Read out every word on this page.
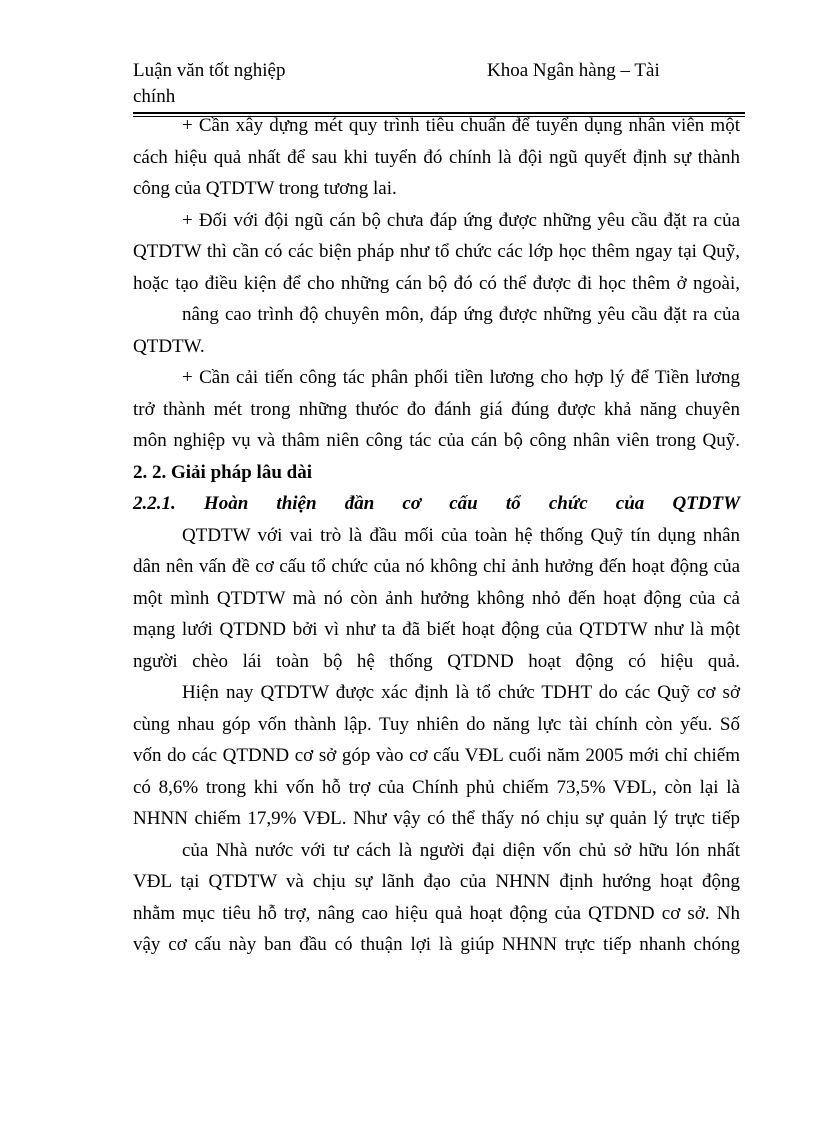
Luận văn tốt nghiệp	Khoa Ngân hàng – Tài
chính
+ Cần xây dựng mét quy trình tiêu chuẩn để tuyển dụng nhân viên một
cách hiệu quả nhất để sau khi tuyển đó chính là đội ngũ quyết định sự thành
công của QTDTW trong tương lai.
+ Đối với đội ngũ cán bộ chưa đáp ứng được những yêu cầu đặt ra của
QTDTW thì cần có các biện pháp như tổ chức các lớp học thêm ngay tại Quỹ,
hoặc tạo điều kiện để cho những cán bộ đó có thể được đi học thêm ở ngoài,
nâng cao trình độ chuyên môn, đáp ứng được những yêu cầu đặt ra của
QTDTW.
+ Cần cải tiến công tác phân phối tiền lương cho hợp lý để Tiền lương
trở thành mét trong những thưóc đo đánh giá đúng được khả năng chuyên
môn nghiệp vụ và thâm niên công tác của cán bộ công nhân viên trong Quỹ.
2. 2. Giải pháp lâu dài
2.2.1. Hoàn thiện đần cơ cấu tổ chức của QTDTW
QTDTW với vai trò là đầu mối của toàn hệ thống Quỹ tín dụng nhân
dân nên vấn đề cơ cấu tổ chức của nó không chỉ ảnh hưởng đến hoạt động của
một mình QTDTW mà nó còn ảnh hưởng không nhỏ đến hoạt động của cả
mạng lưới QTDND bởi vì như ta đã biết hoạt động của QTDTW như là một
người chèo lái toàn bộ hệ thống QTDND hoạt động có hiệu quả.
Hiện nay QTDTW được xác định là tổ chức TDHT do các Quỹ cơ sở
cùng nhau góp vốn thành lập. Tuy nhiên do năng lực tài chính còn yếu. Số
vốn do các QTDND cơ sở góp vào cơ cấu VĐL cuối năm 2005 mới chỉ chiếm
có 8,6% trong khi vốn hỗ trợ của Chính phủ chiếm 73,5% VĐL, còn lại là
NHNN chiếm 17,9% VĐL. Như vậy có thể thấy nó chịu sự quản lý trực tiếp
của Nhà nước với tư cách là người đại diện vốn chủ sở hữu lón nhất
VĐL tại QTDTW và chịu sự lãnh đạo của NHNN định hướng hoạt động
nhằm mục tiêu hỗ trợ, nâng cao hiệu quả hoạt động của QTDND cơ sở. Nh
vậy cơ cấu này ban đầu có thuận lợi là giúp NHNN trực tiếp nhanh chóng
